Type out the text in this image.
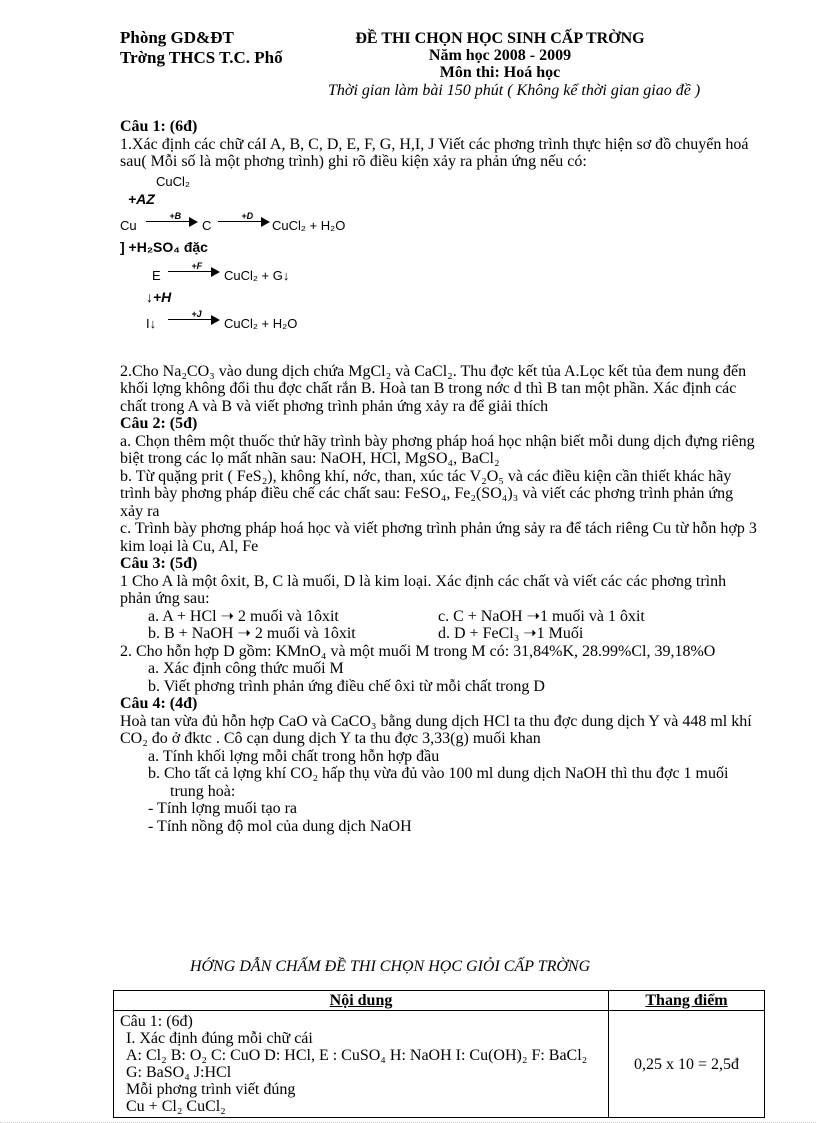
Phòng GD&ĐT
Trờng THCS T.C. Phố
ĐỀ THI CHỌN HỌC SINH CẤP TRỜNG
Năm học 2008 - 2009
Môn thi: Hoá học
Thời gian làm bài 150 phút ( Không kể thời gian giao đề )

Câu 1: (6đ)

1.Xác định các chữ cáI A, B, C, D, E, F, G, H,I, J Viết các phơng trình thực hiện sơ đồ chuyển hoá sau( Mỗi số là một phơng trình) ghi rõ điều kiện xảy ra phản ứng nếu có:

CuCl₂
+AZ
Cu
+B
C
+D
CuCl₂ + H₂O
] +H₂SO₄ đặc
E
+F
CuCl₂ + G↓
↓+H
I↓
+J
CuCl₂ + H₂O

2.Cho Na₂CO₃ vào dung dịch chứa MgCl₂ và CaCl₂. Thu đợc kết tủa A.Lọc kết tủa đem nung đến khối lợng không đổi thu đợc chất rắn B. Hoà tan B trong nớc d thì B tan một phần. Xác định các chất trong A và B và viết phơng trình phản ứng xảy ra để giải thích

Câu 2: (5đ)

a. Chọn thêm một thuốc thử hãy trình bày phơng pháp hoá học nhận biết mỗi dung dịch đựng riêng biệt trong các lọ mất nhãn sau: NaOH, HCl, MgSO₄, BaCl₂

b. Từ quặng prit ( FeS₂), không khí, nớc, than, xúc tác V₂O₅ và các điều kiện cần thiết khác hãy trình bày phơng pháp điều chế các chất sau: FeSO₄, Fe₂(SO₄)₃ và viết các phơng trình phản ứng xảy ra

c. Trình bày phơng pháp hoá học và viết phơng trình phản ứng sảy ra để tách riêng Cu từ hỗn hợp 3 kim loại là Cu, Al, Fe

Câu 3: (5đ)

1 Cho A là một ôxit, B, C là muối, D là kim loại. Xác định các chất và viết các các phơng trình phản ứng sau:

a. A + HCl ➝ 2 muối và 1ôxit	c. C + NaOH ➝1 muối và 1 ôxit

b. B + NaOH ➝ 2 muối và 1ôxit	d. D + FeCl₃ ➝1 Muối

2. Cho hỗn hợp D gồm: KMnO₄ và một muối M trong M có: 31,84%K, 28.99%Cl, 39,18%O

a. Xác định công thức muối M

b. Viết phơng trình phản ứng điều chế ôxi từ mỗi chất trong D

Câu 4: (4đ)

Hoà tan vừa đủ hỗn hợp CaO và CaCO₃ bằng dung dịch HCl ta thu đợc dung dịch Y và 448 ml khí CO₂ đo ở đktc . Cô cạn dung dịch Y ta thu đợc 3,33(g) muối khan

a. Tính khối lợng mỗi chất trong hỗn hợp đầu

b. Cho tất cả lợng khí CO₂ hấp thụ vừa đủ vào 100 ml dung dịch NaOH thì thu đợc 1 muối trung hoà:

- Tính lợng muối tạo ra

- Tính nồng độ mol của dung dịch NaOH

HỚNG DẪN CHẤM ĐỀ THI CHỌN HỌC GIỎI CẤP TRỜNG
Nội dung	Thang điểm

Câu 1: (6đ)
I. Xác định đúng mỗi chữ cái
A: Cl₂ B: O₂ C: CuO D: HCl, E : CuSO₄ H: NaOH I: Cu(OH)₂ F: BaCl₂ G: BaSO₄ J:HCl
Mỗi phơng trình viết đúng
Cu + Cl₂ CuCl₂	0,25 x 10 = 2,5đ
